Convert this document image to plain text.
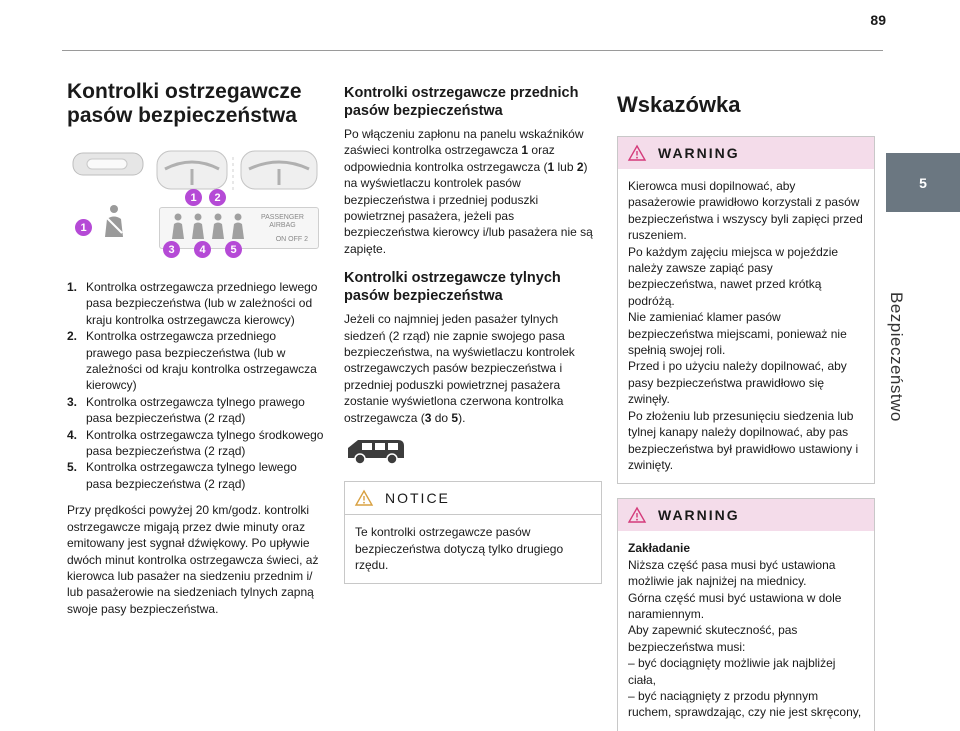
89
5
Bezpieczeństwo
Kontrolki ostrzegawcze
pasów bezpieczeństwa
PASSENGER
AIRBAG
ON OFF 2
1
1	2
3	4	5
1. Kontrolka ostrzegawcza przedniego lewego pasa bezpieczeństwa (lub w zależności od kraju kontrolka ostrzegawcza kierowcy)
2. Kontrolka ostrzegawcza przedniego prawego pasa bezpieczeństwa (lub w zależności od kraju kontrolka ostrzegawcza kierowcy)
3. Kontrolka ostrzegawcza tylnego prawego pasa bezpieczeństwa (2 rząd)
4. Kontrolka ostrzegawcza tylnego środkowego pasa bezpieczeństwa (2 rząd)
5. Kontrolka ostrzegawcza tylnego lewego pasa bezpieczeństwa (2 rząd)

Przy prędkości powyżej 20 km/godz. kontrolki ostrzegawcze migają przez dwie minuty oraz emitowany jest sygnał dźwiękowy. Po upływie dwóch minut kontrolka ostrzegawcza świeci, aż kierowca lub pasażer na siedzeniu przednim i/ lub pasażerowie na siedzeniach tylnych zapną swoje pasy bezpieczeństwa.

Kontrolki ostrzegawcze przednich pasów bezpieczeństwa

Po włączeniu zapłonu na panelu wskaźników zaświeci kontrolka ostrzegawcza 1 oraz odpowiednia kontrolka ostrzegawcza (1 lub 2) na wyświetlaczu kontrolek pasów bezpieczeństwa i przedniej poduszki powietrznej pasażera, jeżeli pas bezpieczeństwa kierowcy i/lub pasażera nie są zapięte.

Kontrolki ostrzegawcze tylnych pasów bezpieczeństwa

Jeżeli co najmniej jeden pasażer tylnych siedzeń (2 rząd) nie zapnie swojego pasa bezpieczeństwa, na wyświetlaczu kontrolek ostrzegawczych pasów bezpieczeństwa i przedniej poduszki powietrznej pasażera zostanie wyświetlona czerwona kontrolka ostrzegawcza (3 do 5).

NOTICE

Te kontrolki ostrzegawcze pasów bezpieczeństwa dotyczą tylko drugiego rzędu.

Wskazówka
WARNING

Kierowca musi dopilnować, aby pasażerowie prawidłowo korzystali z pasów bezpieczeństwa i wszyscy byli zapięci przed ruszeniem.
Po każdym zajęciu miejsca w pojeździe należy zawsze zapiąć pasy bezpieczeństwa, nawet przed krótką podróżą.
Nie zamieniać klamer pasów bezpieczeństwa miejscami, ponieważ nie spełnią swojej roli.
Przed i po użyciu należy dopilnować, aby pasy bezpieczeństwa prawidłowo się zwinęły.
Po złożeniu lub przesunięciu siedzenia lub tylnej kanapy należy dopilnować, aby pas bezpieczeństwa był prawidłowo ustawiony i zwinięty.

WARNING

Zakładanie

Niższa część pasa musi być ustawiona możliwie jak najniżej na miednicy.
Górna część musi być ustawiona w dole naramiennym.
Aby zapewnić skuteczność, pas bezpieczeństwa musi:
– być dociągnięty możliwie jak najbliżej ciała,
– być naciągnięty z przodu płynnym ruchem, sprawdzając, czy nie jest skręcony,
